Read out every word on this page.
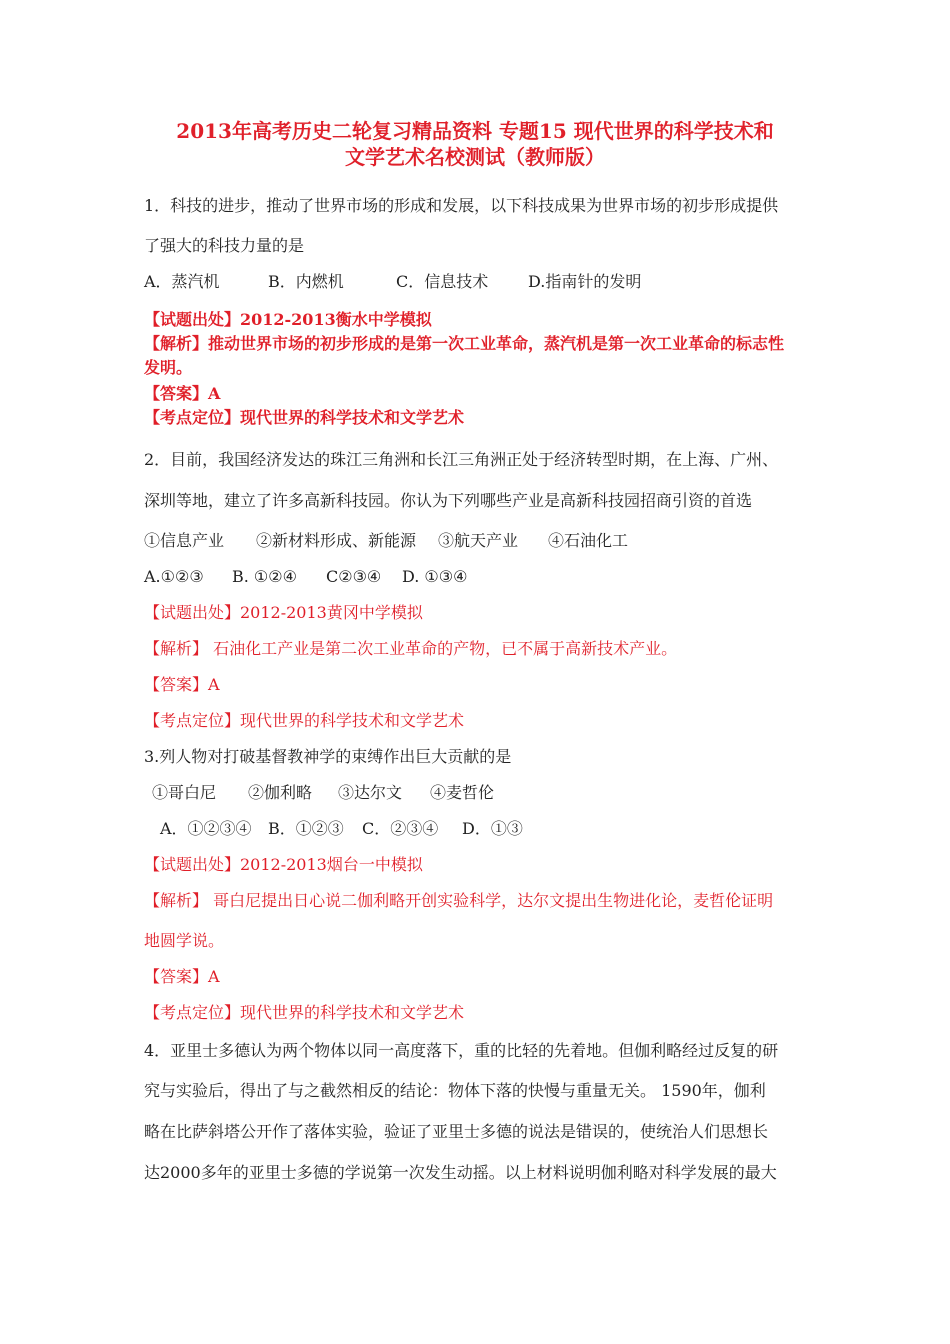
2013年高考历史二轮复习精品资料 专题15 现代世界的科学技术和
文学艺术名校测试（教师版）
1．科技的进步，推动了世界市场的形成和发展，以下科技成果为世界市场的初步形成提供
了强大的科技力量的是
A．蒸汽机	B．内燃机	C．信息技术 D.指南针的发明
【试题出处】2012-2013衡水中学模拟
【解析】推动世界市场的初步形成的是第一次工业革命，蒸汽机是第一次工业革命的标志性
发明。
【答案】A
【考点定位】现代世界的科学技术和文学艺术
2．目前，我国经济发达的珠江三角洲和长江三角洲正处于经济转型时期，在上海、广州、
深圳等地，建立了许多高新科技园。你认为下列哪些产业是高新科技园招商引资的首选
①信息产业 ②新材料形成、新能源 ③航天产业 ④石油化工
A.①②③ B. ①②④ C②③④ D. ①③④
【试题出处】2012-2013黄冈中学模拟
【解析】 石油化工产业是第二次工业革命的产物，已不属于高新技术产业。
【答案】A
【考点定位】现代世界的科学技术和文学艺术
3.列人物对打破基督教神学的束缚作出巨大贡献的是
①哥白尼 ②伽利略 ③达尔文 ④麦哲伦
A．①②③④ B．①②③ C．②③④ D．①③
【试题出处】2012-2013烟台一中模拟
【解析】 哥白尼提出日心说二伽利略开创实验科学，达尔文提出生物进化论，麦哲伦证明
地圆学说。
【答案】A
【考点定位】现代世界的科学技术和文学艺术
4．亚里士多德认为两个物体以同一高度落下，重的比轻的先着地。但伽利略经过反复的研
究与实验后，得出了与之截然相反的结论：物体下落的快慢与重量无关。 1590年，伽利
略在比萨斜塔公开作了落体实验，验证了亚里士多德的说法是错误的，使统治人们思想长
达2000多年的亚里士多德的学说第一次发生动摇。以上材料说明伽利略对科学发展的最大
